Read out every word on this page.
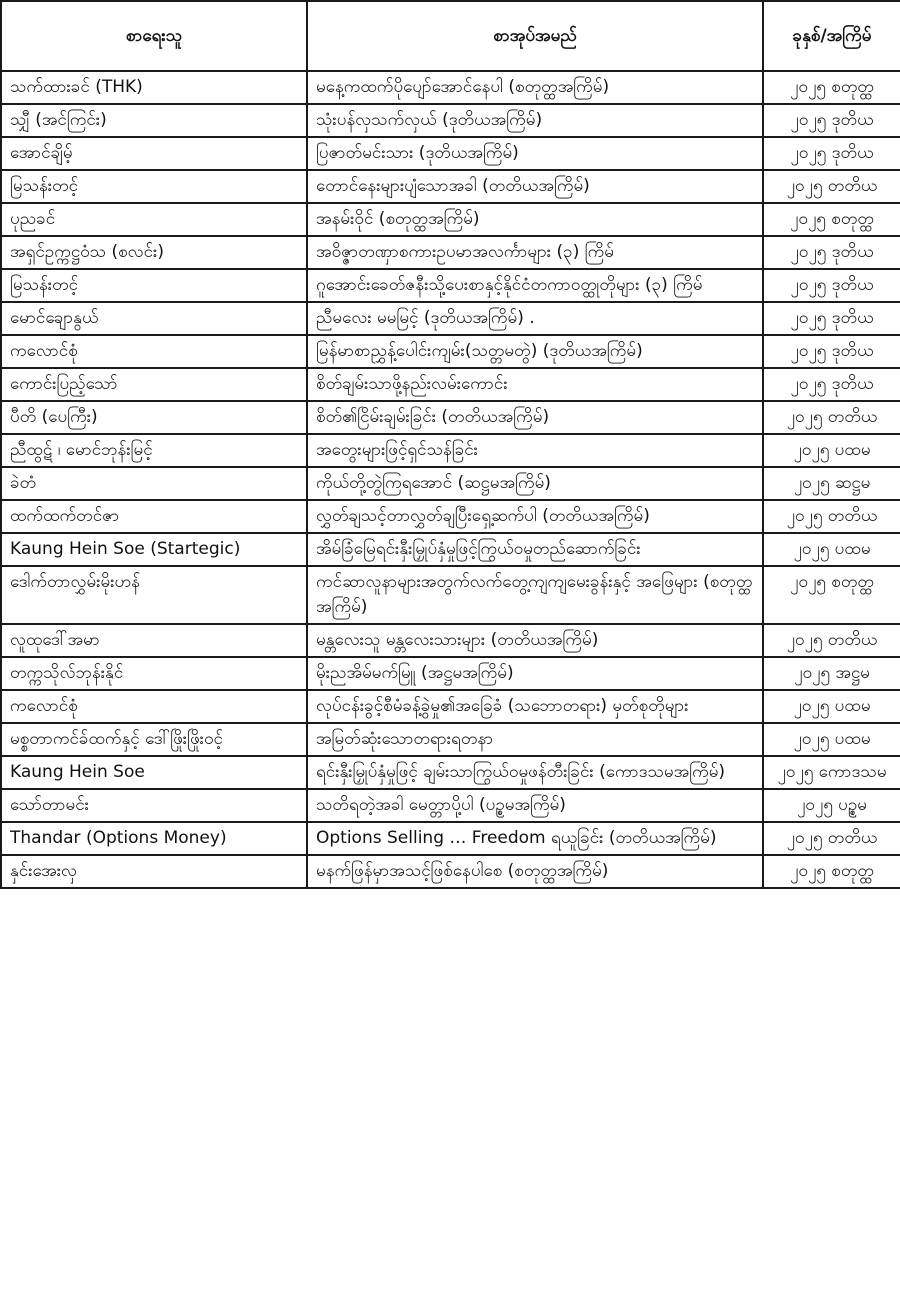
စာရေးသူ	စာအုပ်အမည်	ခုနှစ်/အကြိမ်
သက်ထားခင် (THK)	မနေ့ကထက်ပိုပျော်အောင်နေပါ (စတုတ္ထအကြိမ်)	၂၀၂၅ စတုတ္ထ
သျှီ (အင်ကြင်း)	သုံးပန်လှသက်လှယ် (ဒုတိယအကြိမ်)	၂၀၂၅ ဒုတိယ
အောင်ချိမ့်	ပြဇာတ်မင်းသား (ဒုတိယအကြိမ်)	၂၀၂၅ ဒုတိယ
မြသန်းတင့်	တောင်နေးများပျံသောအခါ (တတိယအကြိမ်)	၂၀၂၅ တတိယ
ပုညခင်	အနမ်းဝိုင် (စတုတ္ထအကြိမ်)	၂၀၂၅ စတုတ္ထ
အရှင်ဥက္ကဋ္ဌဝံသ (စလင်း)	အဝိဇ္ဇာတဏှာစကားဥပမာအလင်္ကာများ (၃) ကြိမ်	၂၀၂၅ ဒုတိယ
မြသန်းတင့်	ဂူအောင်းခေတ်ဇနီးသို့ပေးစာနှင့်နိုင်ငံတကာဝတ္ထုတိုများ (၃) ကြိမ်	၂၀၂၅ ဒုတိယ
မောင်ချောနွယ်	ညီမလေး မမမြင့် (ဒုတိယအကြိမ်) .	၂၀၂၅ ဒုတိယ
ကလောင်စုံ	မြန်မာစာညွှန့်ပေါင်းကျမ်း(သတ္တမတွဲ) (ဒုတိယအကြိမ်)	၂၀၂၅ ဒုတိယ
ကောင်းပြည့်သော်	စိတ်ချမ်းသာဖို့နည်းလမ်းကောင်း	၂၀၂၅ ဒုတိယ
ပီတိ (ပေကြီး)	စိတ်၏ငြိမ်းချမ်းခြင်း (တတိယအကြိမ်)	၂၀၂၅ တတိယ
ညီထွဋ် ၊ မောင်ဘုန်းမြင့်	အတွေးများဖြင့်ရှင်သန်ခြင်း	၂၀၂၅ ပထမ
ခဲတံ	ကိုယ်တို့တွဲကြရအောင် (ဆဋ္ဌမအကြိမ်)	၂၀၂၅ ဆဋ္ဌမ
ထက်ထက်တင်ဇာ	လွှတ်ချသင့်တာလွှတ်ချပြီးရှေ့ဆက်ပါ (တတိယအကြိမ်)	၂၀၂၅ တတိယ
Kaung Hein Soe (Startegic)	အိမ်ခြံမြေရင်းနှီးမြှုပ်နှံမှုဖြင့်ကြွယ်ဝမှုတည်ဆောက်ခြင်း	၂၀၂၅ ပထမ
ဒေါက်တာလွှမ်းမိုးဟန်	ကင်ဆာလူနာများအတွက်လက်တွေ့ကျကျမေးခွန်းနှင့် အဖြေများ (စတုတ္ထအကြိမ်)	၂၀၂၅ စတုတ္ထ
လူထုဒေါ်အမာ	မန္တလေးသူ မန္တလေးသားများ (တတိယအကြိမ်)	၂၀၂၅ တတိယ
တက္ကသိုလ်ဘုန်းနိုင်	မိုးညအိမ်မက်မြူ (အဋ္ဌမအကြိမ်)	၂၀၂၅ အဋ္ဌမ
ကလောင်စုံ	လုပ်ငန်းခွင့်စီမံခန့်ခွဲမှု၏အခြေခံ (သဘောတရား) မှတ်စုတိုများ	၂၀၂၅ ပထမ
မစ္စတာကင်ခ်ထက်နှင့် ဒေါ်ဖြိုးဖြိုးဝင့်	အမြတ်ဆုံးသောတရားရတနာ	၂၀၂၅ ပထမ
Kaung Hein Soe	ရင်းနှီးမြှုပ်နှံမှုဖြင့် ချမ်းသာကြွယ်ဝမှုဖန်တီးခြင်း (ကောဒသမအကြိမ်)	၂၀၂၅ ကောဒသမ
သော်တာမင်း	သတိရတဲ့အခါ မေတ္တာပို့ပါ (ပဥ္စမအကြိမ်)	၂၀၂၅ ပဥ္စမ
Thandar (Options Money)	Options Selling … Freedom ရယူခြင်း (တတိယအကြိမ်)	၂၀၂၅ တတိယ
နှင်းအေးလှ	မနက်ဖြန်မှာအသင့်ဖြစ်နေပါစေ (စတုတ္ထအကြိမ်)	၂၀၂၅ စတုတ္ထ
